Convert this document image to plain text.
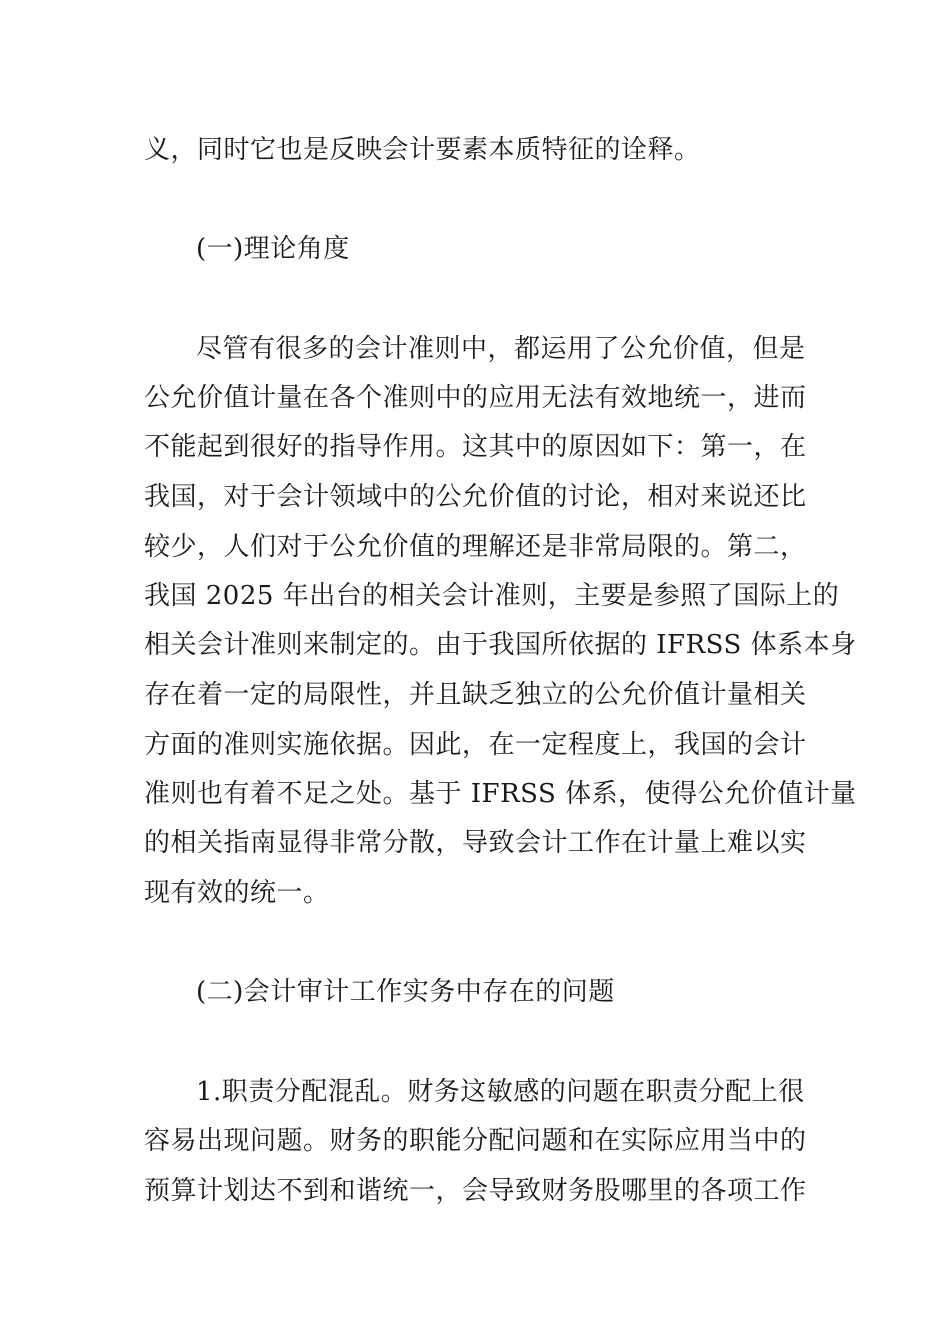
义，同时它也是反映会计要素本质特征的诠释。
(一)理论角度
尽管有很多的会计准则中，都运用了公允价值，但是
公允价值计量在各个准则中的应用无法有效地统一，进而
不能起到很好的指导作用。这其中的原因如下：第一，在
我国，对于会计领域中的公允价值的讨论，相对来说还比
较少，人们对于公允价值的理解还是非常局限的。第二，
我国 2025 年出台的相关会计准则，主要是参照了国际上的
相关会计准则来制定的。由于我国所依据的 IFRSS 体系本身
存在着一定的局限性，并且缺乏独立的公允价值计量相关
方面的准则实施依据。因此，在一定程度上，我国的会计
准则也有着不足之处。基于 IFRSS 体系，使得公允价值计量
的相关指南显得非常分散，导致会计工作在计量上难以实
现有效的统一。
(二)会计审计工作实务中存在的问题
1.职责分配混乱。财务这敏感的问题在职责分配上很
容易出现问题。财务的职能分配问题和在实际应用当中的
预算计划达不到和谐统一，会导致财务股哪里的各项工作
